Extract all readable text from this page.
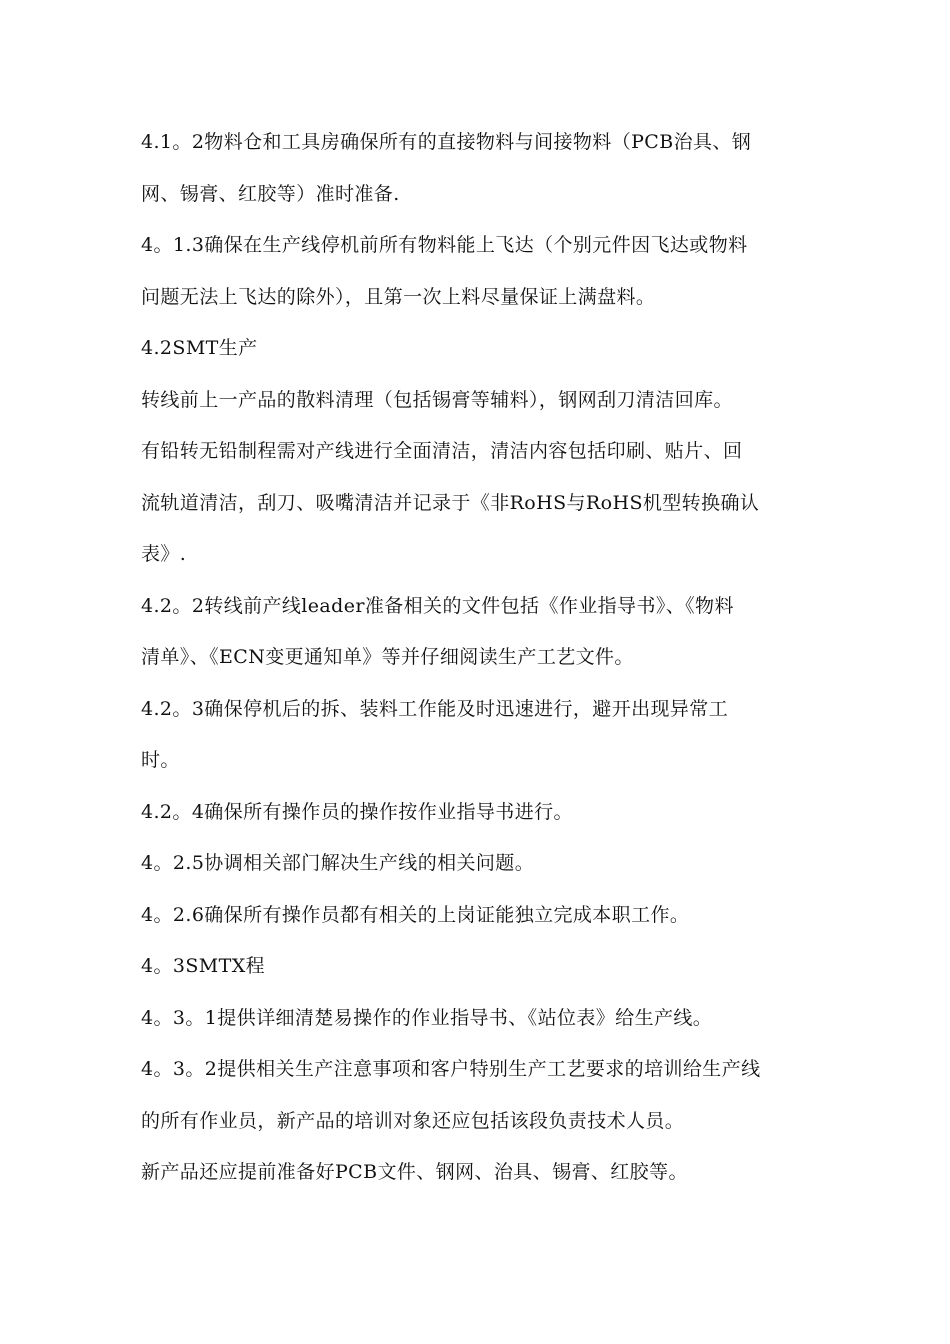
4.1。2物料仓和工具房确保所有的直接物料与间接物料（PCB治具、钢
网、锡膏、红胶等）准时准备.
4。1.3确保在生产线停机前所有物料能上飞达（个别元件因飞达或物料
问题无法上飞达的除外），且第一次上料尽量保证上满盘料。
4.2SMT生产
转线前上一产品的散料清理（包括锡膏等辅料），钢网刮刀清洁回库。
有铅转无铅制程需对产线进行全面清洁，清洁内容包括印刷、贴片、回
流轨道清洁，刮刀、吸嘴清洁并记录于《非RoHS与RoHS机型转换确认
表》.
4.2。2转线前产线leader准备相关的文件包括《作业指导书》、《物料
清单》、《ECN变更通知单》等并仔细阅读生产工艺文件。
4.2。3确保停机后的拆、装料工作能及时迅速进行，避开出现异常工
时。
4.2。4确保所有操作员的操作按作业指导书进行。
4。2.5协调相关部门解决生产线的相关问题。
4。2.6确保所有操作员都有相关的上岗证能独立完成本职工作。
4。3SMTX程
4。3。1提供详细清楚易操作的作业指导书、《站位表》给生产线。
4。3。2提供相关生产注意事项和客户特别生产工艺要求的培训给生产线
的所有作业员，新产品的培训对象还应包括该段负责技术人员。
新产品还应提前准备好PCB文件、钢网、治具、锡膏、红胶等。
